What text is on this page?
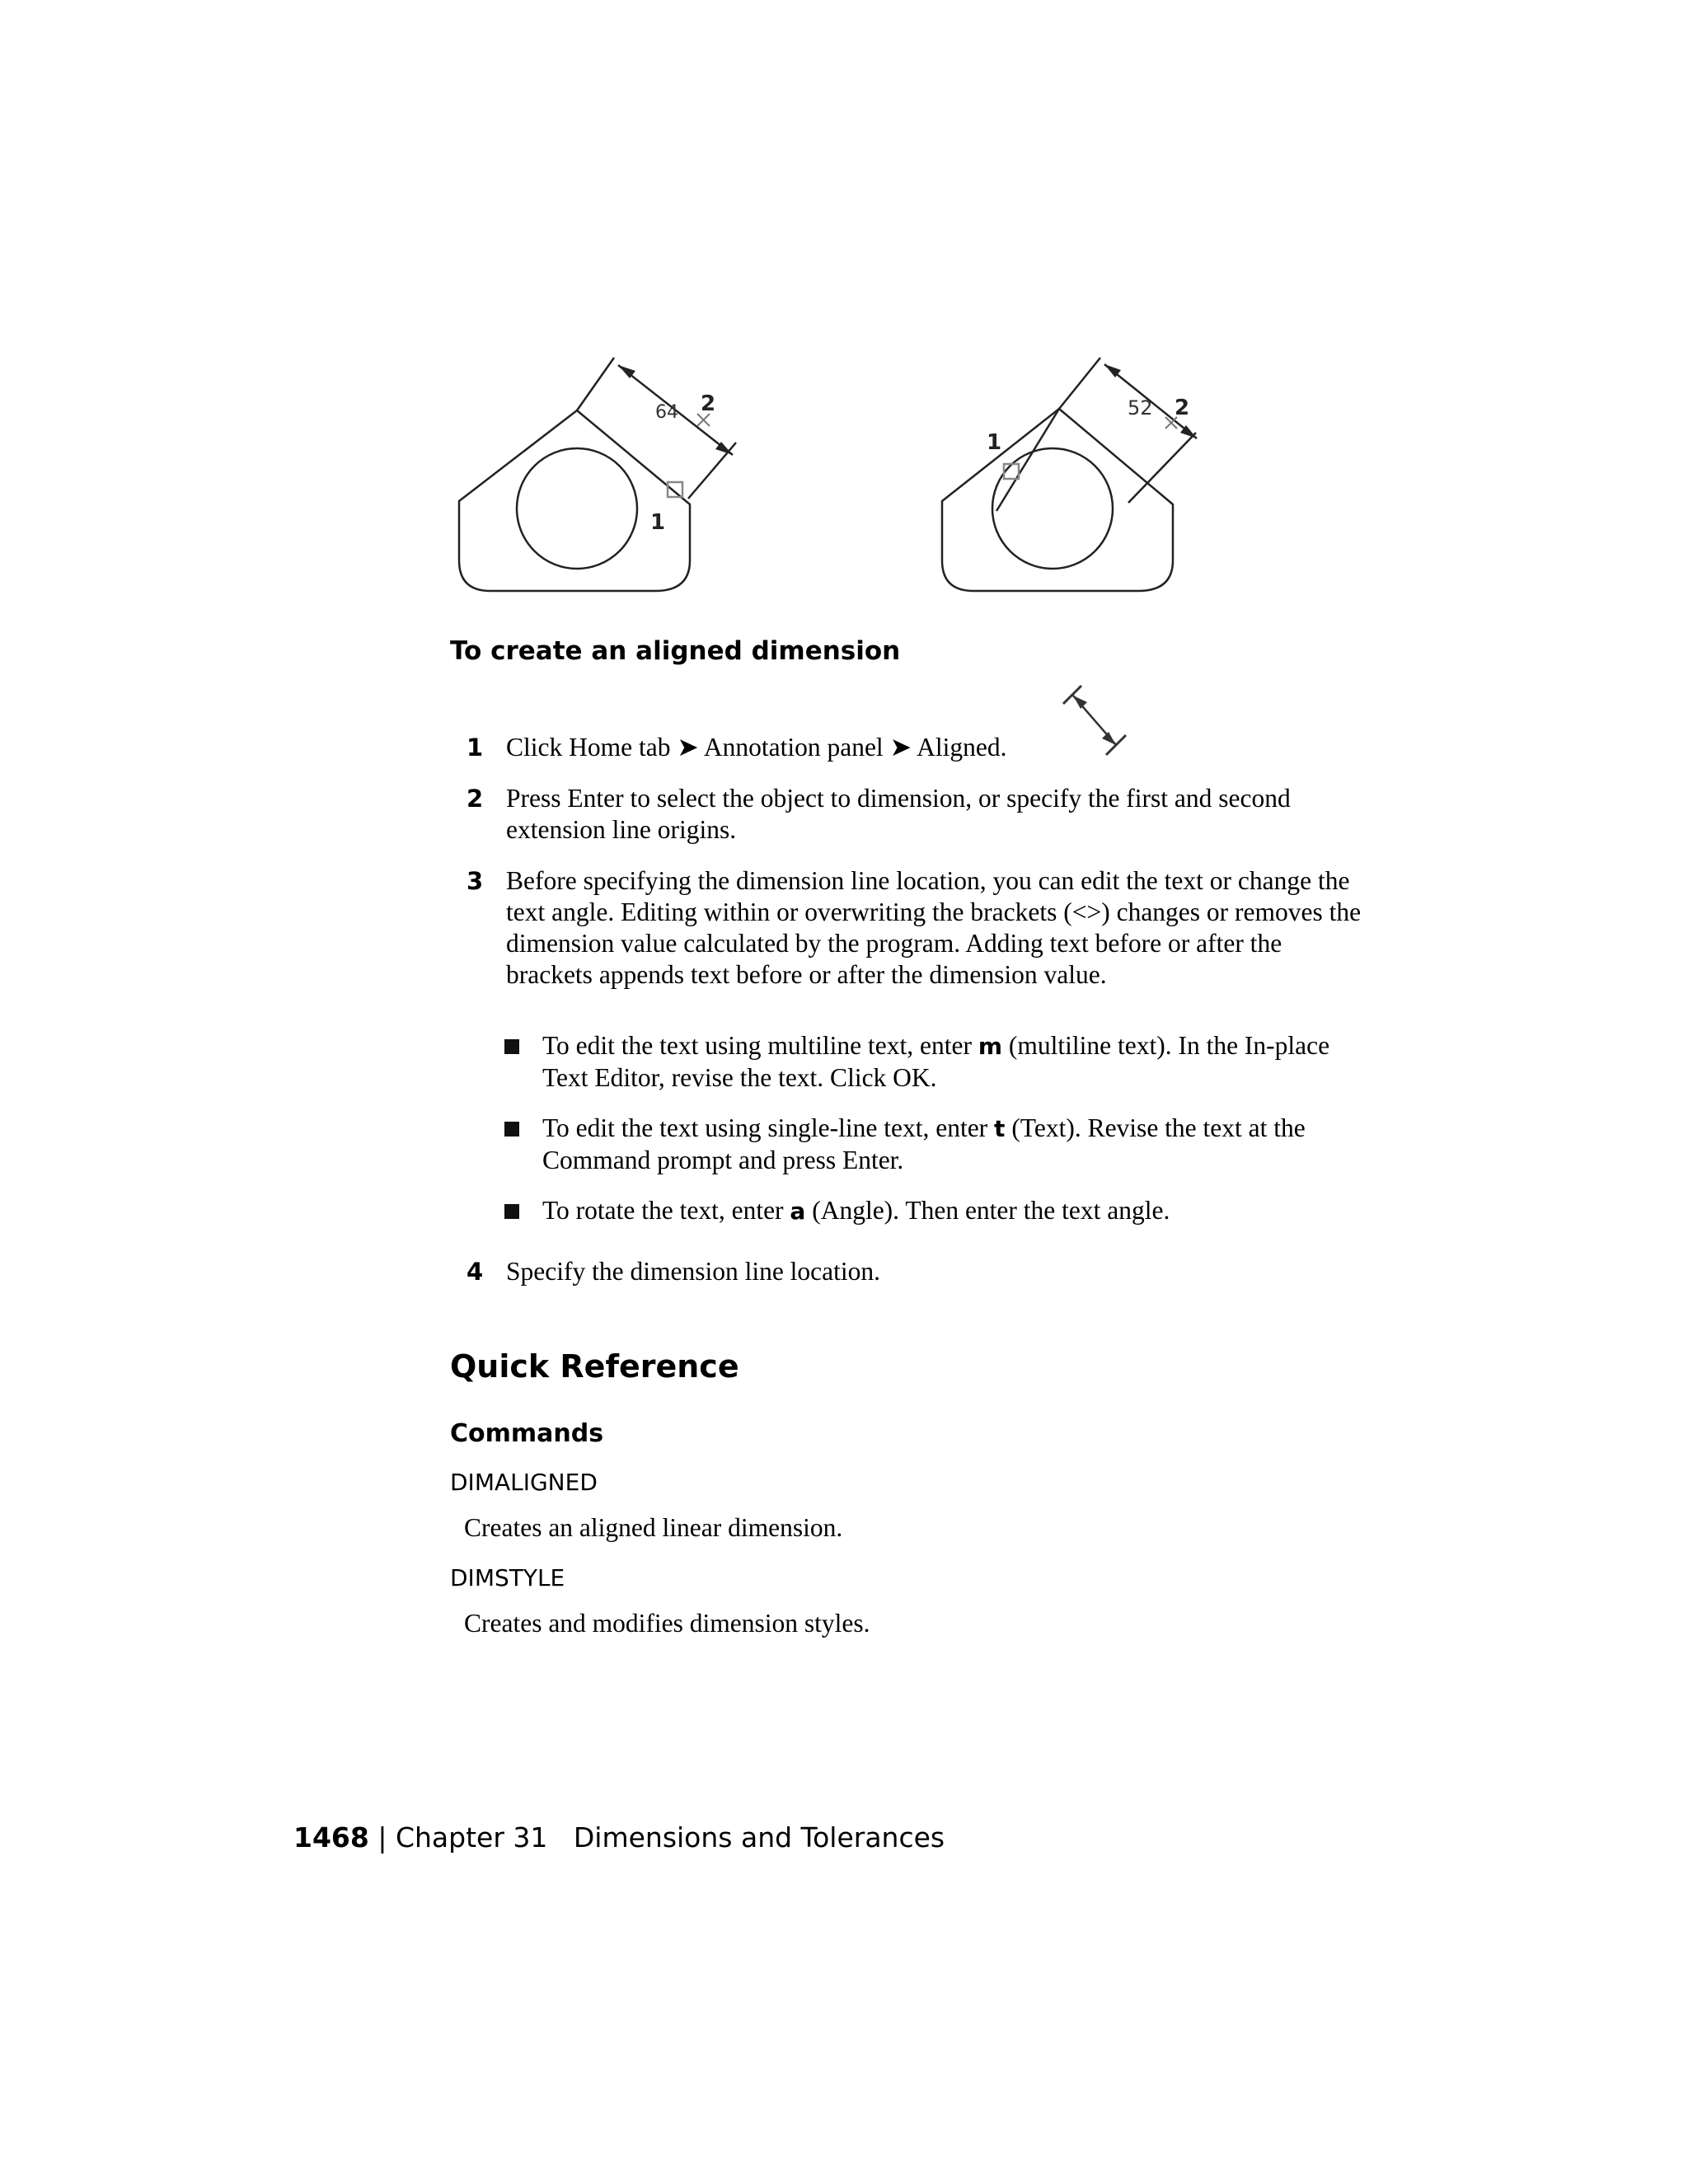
64 2
1
52 2
1
To create an aligned dimension
1 Click Home tab ➤ Annotation panel ➤ Aligned.
2 Press Enter to select the object to dimension, or specify the first and second extension line origins.
3 Before specifying the dimension line location, you can edit the text or change the text angle. Editing within or overwriting the brackets (<>) changes or removes the dimension value calculated by the program. Adding text before or after the brackets appends text before or after the dimension value.
To edit the text using multiline text, enter m (multiline text). In the In-place Text Editor, revise the text. Click OK.
To edit the text using single-line text, enter t (Text). Revise the text at the Command prompt and press Enter.
To rotate the text, enter a (Angle). Then enter the text angle.
4 Specify the dimension line location.
Quick Reference
Commands
DIMALIGNED
Creates an aligned linear dimension.
DIMSTYLE
Creates and modifies dimension styles.
1468 | Chapter 31 Dimensions and Tolerances
